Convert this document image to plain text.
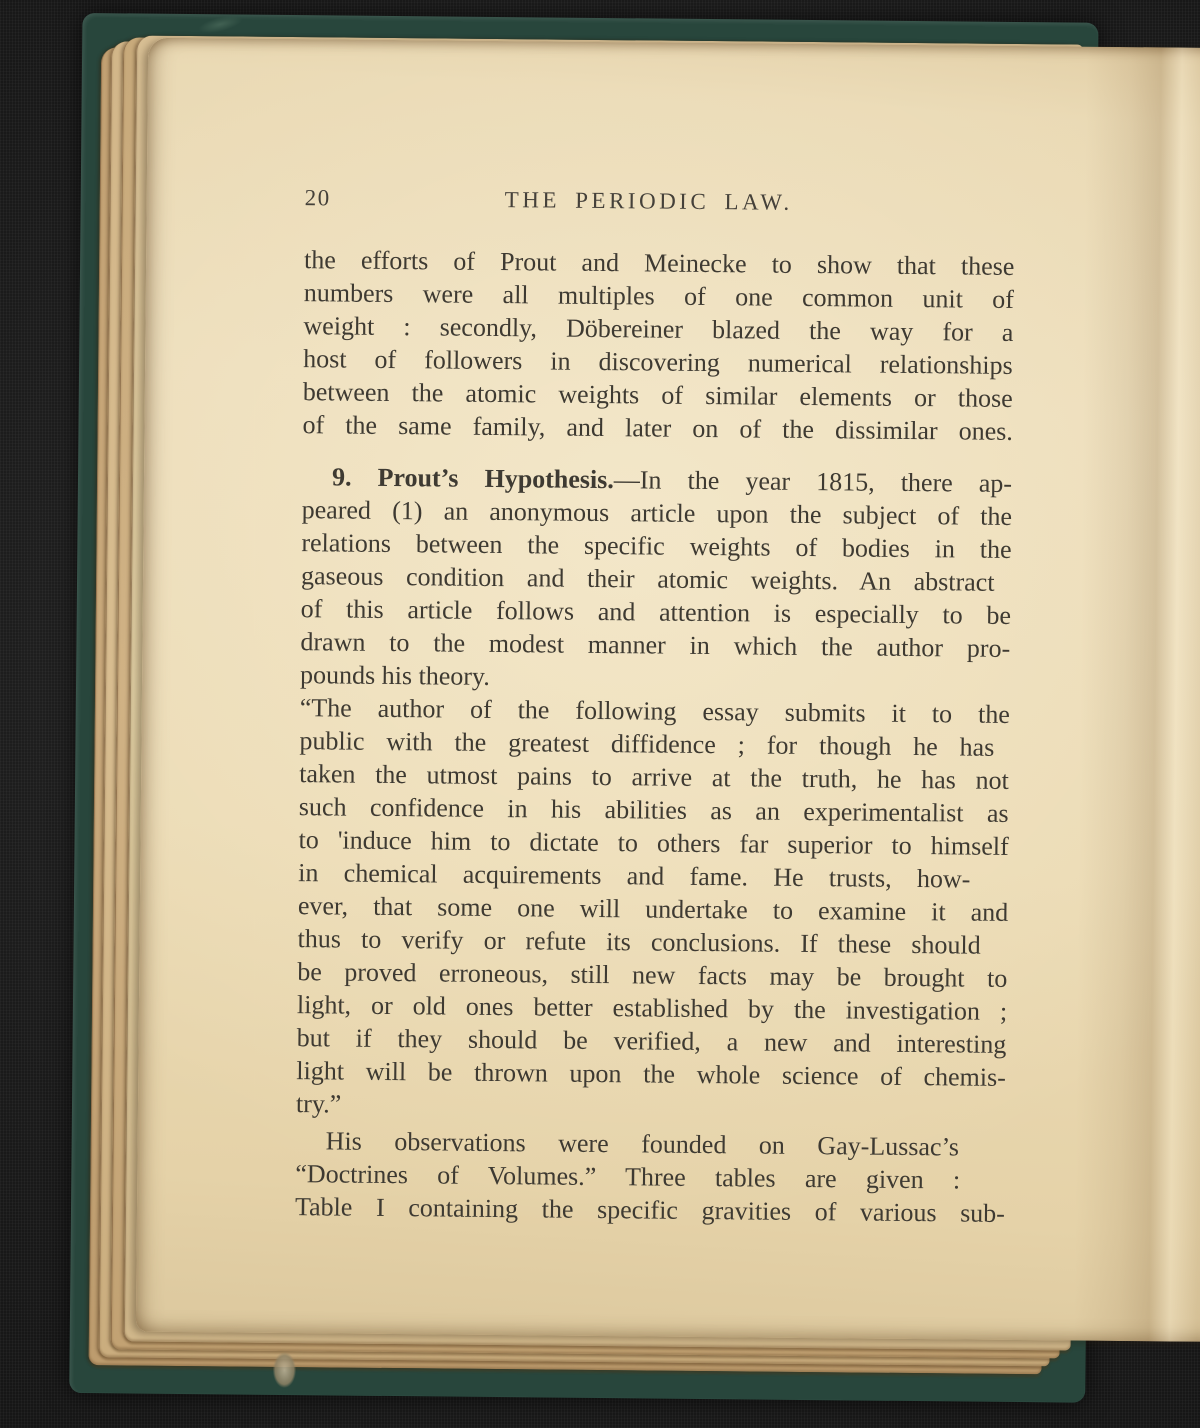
20	THE PERIODIC LAW.
the efforts of Prout and Meinecke to show that these
numbers were all multiples of one common unit of
weight : secondly, Döbereiner blazed the way for a
host of followers in discovering numerical relationships
between the atomic weights of similar elements or those
of the same family, and later on of the dissimilar ones.
9. Prout’s Hypothesis.—In the year 1815, there ap-
peared (1) an anonymous article upon the subject of the
relations between the specific weights of bodies in the
gaseous condition and their atomic weights. An abstract
of this article follows and attention is especially to be
drawn to the modest manner in which the author pro-
pounds his theory.
“The author of the following essay submits it to the
public with the greatest diffidence ; for though he has
taken the utmost pains to arrive at the truth, he has not
such confidence in his abilities as an experimentalist as
to 'induce him to dictate to others far superior to himself
in chemical acquirements and fame. He trusts, how-
ever, that some one will undertake to examine it and
thus to verify or refute its conclusions. If these should
be proved erroneous, still new facts may be brought to
light, or old ones better established by the investigation ;
but if they should be verified, a new and interesting
light will be thrown upon the whole science of chemis-
try.”
His observations were founded on Gay-Lussac’s
“Doctrines of Volumes.” Three tables are given :
Table I containing the specific gravities of various sub-
